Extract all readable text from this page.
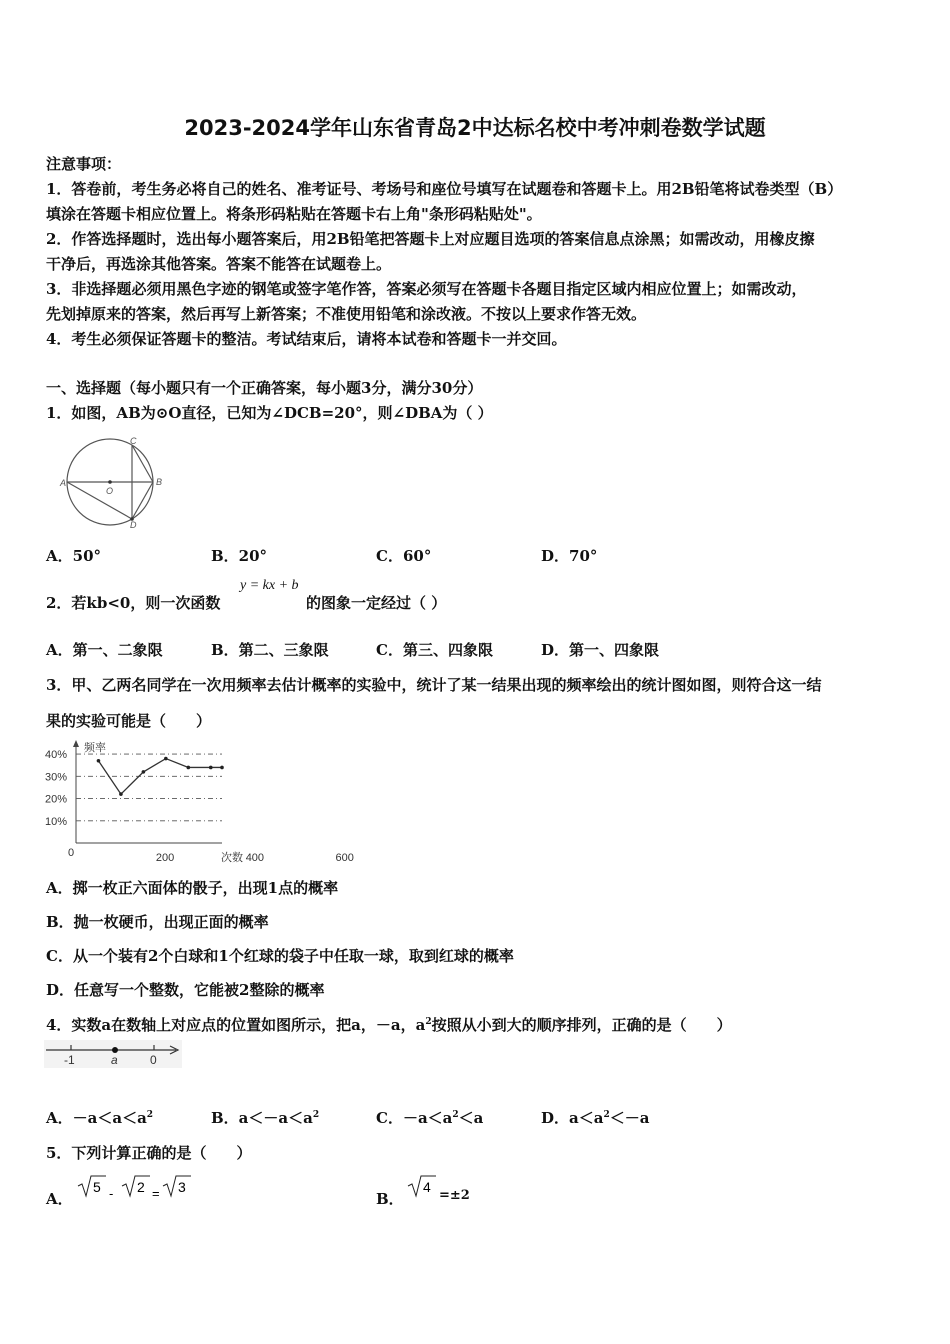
2023-2024学年山东省青岛2中达标名校中考冲刺卷数学试题
注意事项：
1．答卷前，考生务必将自己的姓名、准考证号、考场号和座位号填写在试题卷和答题卡上。用2B铅笔将试卷类型（B）
填涂在答题卡相应位置上。将条形码粘贴在答题卡右上角"条形码粘贴处"。
2．作答选择题时，选出每小题答案后，用2B铅笔把答题卡上对应题目选项的答案信息点涂黑；如需改动，用橡皮擦
干净后，再选涂其他答案。答案不能答在试题卷上。
3．非选择题必须用黑色字迹的钢笔或签字笔作答，答案必须写在答题卡各题目指定区域内相应位置上；如需改动，
先划掉原来的答案，然后再写上新答案；不准使用铅笔和涂改液。不按以上要求作答无效。
4．考生必须保证答题卡的整洁。考试结束后，请将本试卷和答题卡一并交回。
一、选择题（每小题只有一个正确答案，每小题3分，满分30分）
1．如图，AB为⊙O直径，已知为∠DCB=20°，则∠DBA为（ ）
A	B
C
D
O
A．50°	B．20°	C．60°	D．70°
2．若kb<0，则一次函数
y = kx + b
的图象一定经过（ ）
A．第一、二象限	B．第二、三象限	C．第三、四象限	D．第一、四象限
3．甲、乙两名同学在一次用频率去估计概率的实验中，统计了某一结果出现的频率绘出的统计图如图，则符合这一结
果的实验可能是（　　）
频率
次数
0
40%
30%
20%
10%
200	400	600
A．掷一枚正六面体的骰子，出现1点的概率
B．抛一枚硬币，出现正面的概率
C．从一个装有2个白球和1个红球的袋子中任取一球，取到红球的概率
D．任意写一个整数，它能被2整除的概率
4．实数a在数轴上对应点的位置如图所示，把a，－a，$a^2$按照从小到大的顺序排列，正确的是（　　）
-1	a	0
A．$-a<a<a^2$	B．$a<-a<a^2$	C．$-a<a^2<a$	D．$a<a^2<-a$
5．下列计算正确的是（　　）
A．
5 - 2 = 3
B．
4
=±2
